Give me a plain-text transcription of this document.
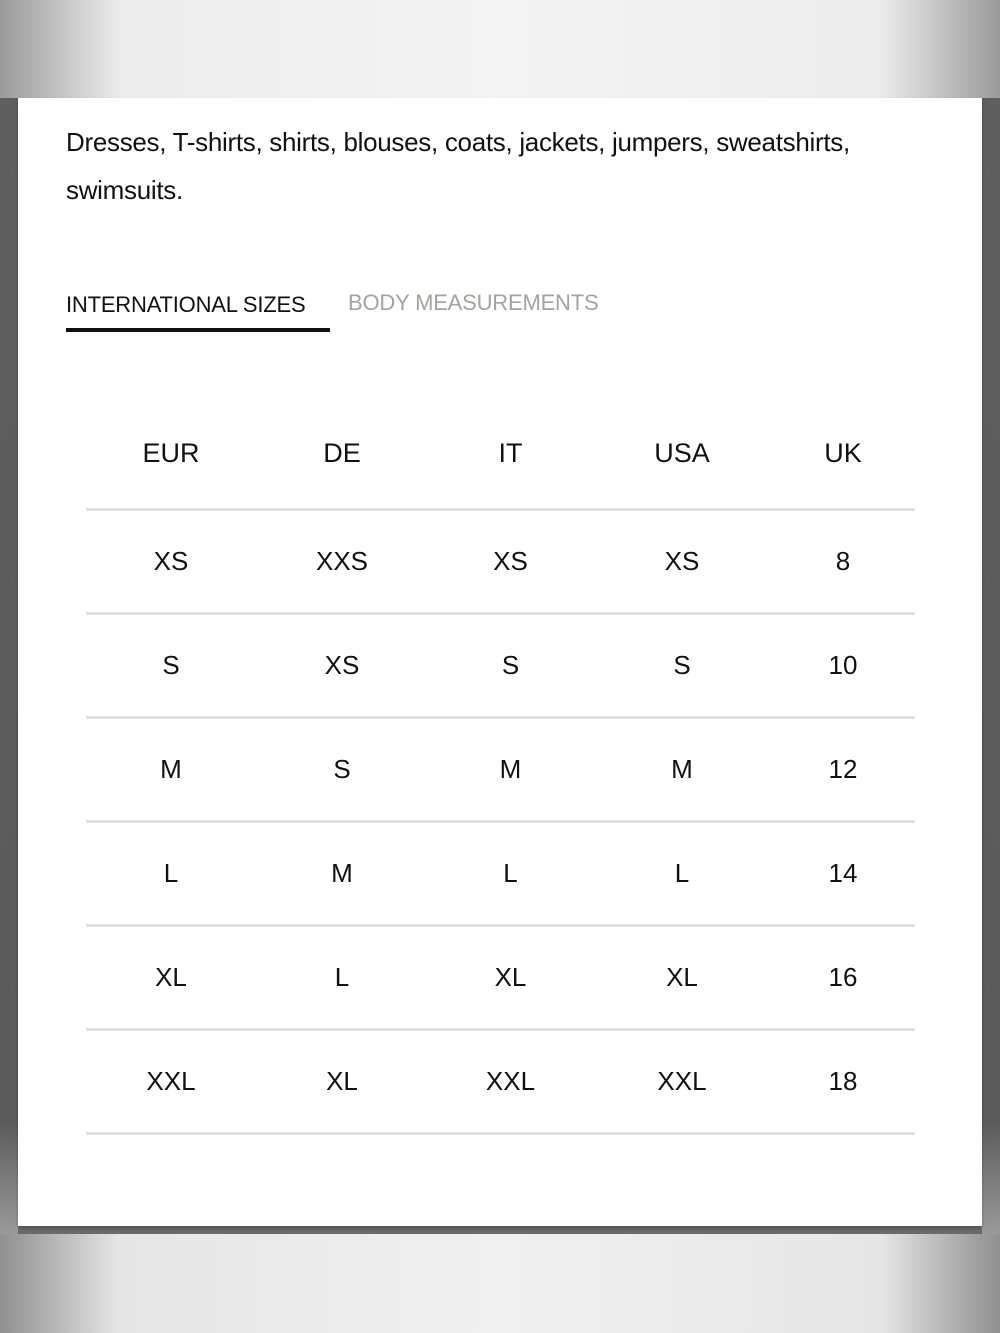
Dresses, T-shirts, shirts, blouses, coats, jackets, jumpers, sweatshirts, swimsuits.

INTERNATIONAL SIZES BODY MEASUREMENTS
EUR	DE	IT	USA	UK
XS	XXS	XS	XS	8
S	XS	S	S	10
M	S	M	M	12
L	M	L	L	14
XL	L	XL	XL	16
XXL	XL	XXL	XXL	18
